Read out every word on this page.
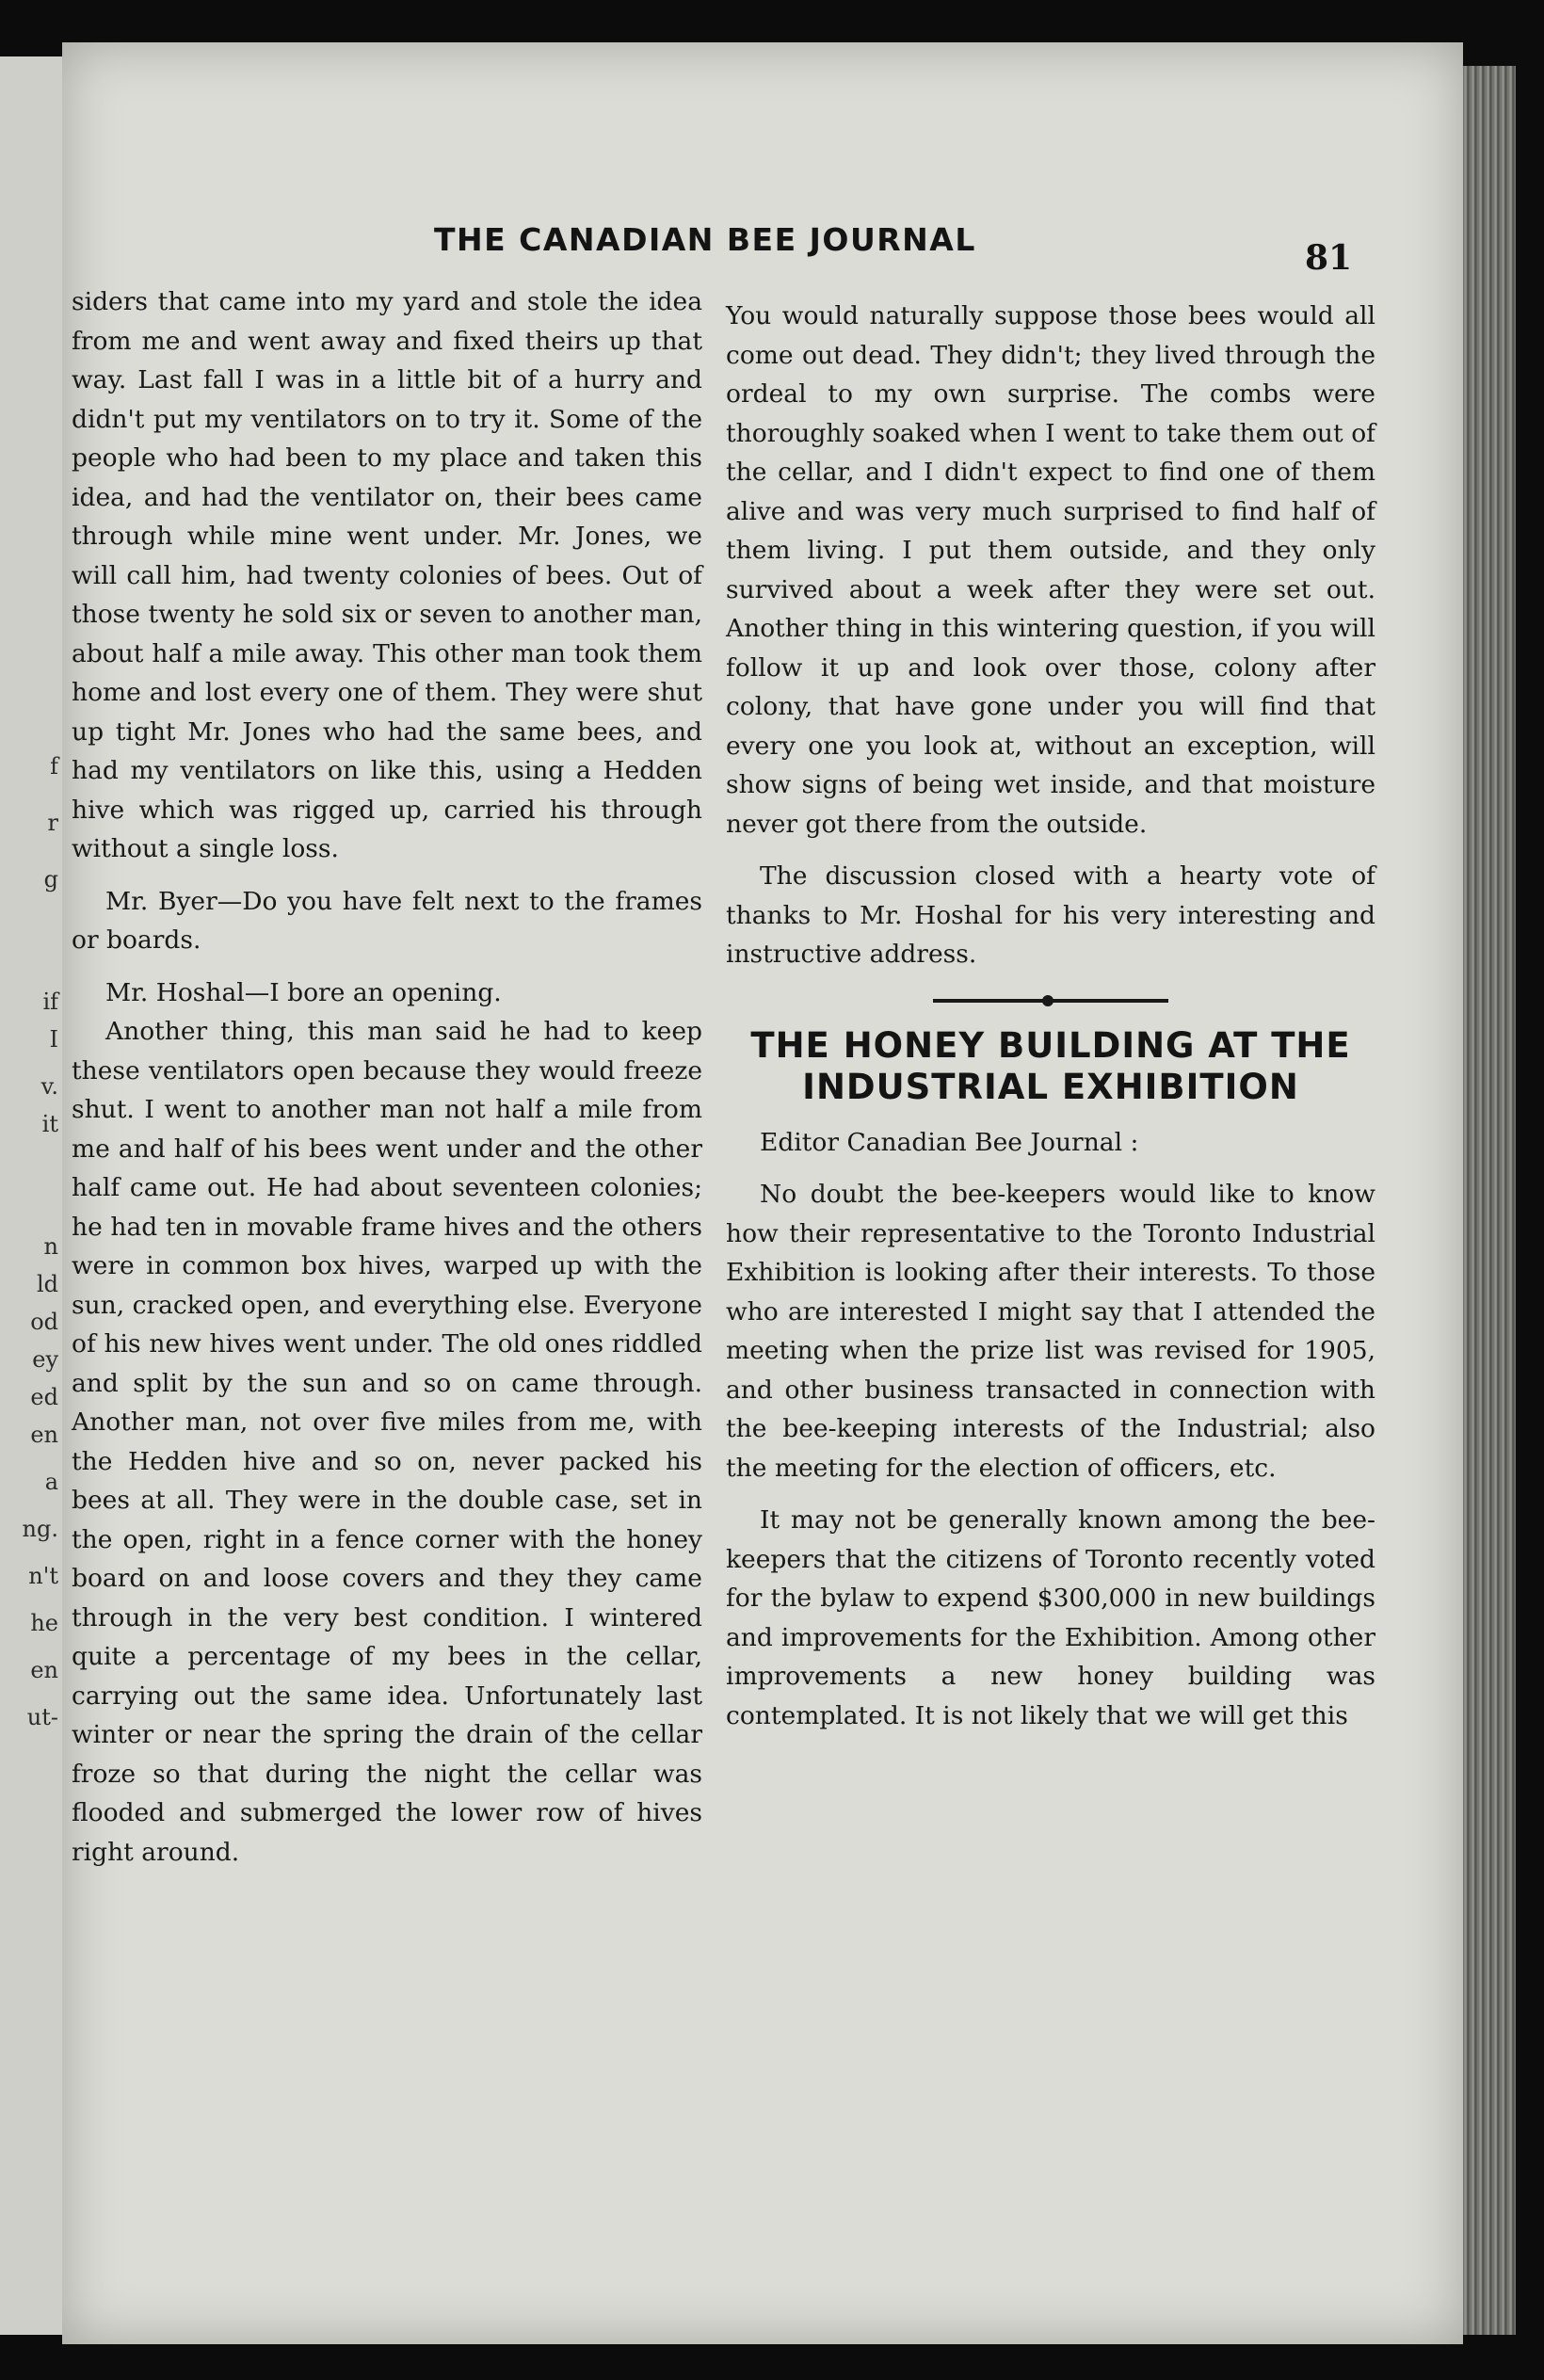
f
r
g
if
I
v.
it
n
ld
od
ey
ed
en
a
ng.
n't
he
en
ut-
THE CANADIAN BEE JOURNAL	81

siders that came into my yard and stole the idea from me and went away and fixed theirs up that way. Last fall I was in a little bit of a hurry and didn't put my ventilators on to try it. Some of the people who had been to my place and taken this idea, and had the ventilator on, their bees came through while mine went under. Mr. Jones, we will call him, had twenty colonies of bees. Out of those twenty he sold six or seven to another man, about half a mile away. This other man took them home and lost every one of them. They were shut up tight Mr. Jones who had the same bees, and had my ventilators on like this, using a Hedden hive which was rigged up, carried his through without a single loss.

Mr. Byer—Do you have felt next to the frames or boards.

Mr. Hoshal—I bore an opening.

Another thing, this man said he had to keep these ventilators open because they would freeze shut. I went to another man not half a mile from me and half of his bees went under and the other half came out. He had about seventeen colonies; he had ten in movable frame hives and the others were in common box hives, warped up with the sun, cracked open, and everything else. Everyone of his new hives went under. The old ones riddled and split by the sun and so on came through. Another man, not over five miles from me, with the Hedden hive and so on, never packed his bees at all. They were in the double case, set in the open, right in a fence corner with the honey board on and loose covers and they they came through in the very best condition. I wintered quite a percentage of my bees in the cellar, carrying out the same idea. Unfortunately last winter or near the spring the drain of the cellar froze so that during the night the cellar was flooded and submerged the lower row of hives right around.

You would naturally suppose those bees would all come out dead. They didn't; they lived through the ordeal to my own surprise. The combs were thoroughly soaked when I went to take them out of the cellar, and I didn't expect to find one of them alive and was very much surprised to find half of them living. I put them outside, and they only survived about a week after they were set out. Another thing in this wintering question, if you will follow it up and look over those, colony after colony, that have gone under you will find that every one you look at, without an exception, will show signs of being wet inside, and that moisture never got there from the outside.

The discussion closed with a hearty vote of thanks to Mr. Hoshal for his very interesting and instructive address.

THE HONEY BUILDING AT THE INDUSTRIAL EXHIBITION

Editor Canadian Bee Journal :

No doubt the bee-keepers would like to know how their representative to the Toronto Industrial Exhibition is looking after their interests. To those who are interested I might say that I attended the meeting when the prize list was revised for 1905, and other business transacted in connection with the bee-keeping interests of the Industrial; also the meeting for the election of officers, etc.

It may not be generally known among the bee-keepers that the citizens of Toronto recently voted for the bylaw to expend $300,000 in new buildings and improvements for the Exhibition. Among other improvements a new honey building was contemplated. It is not likely that we will get this
